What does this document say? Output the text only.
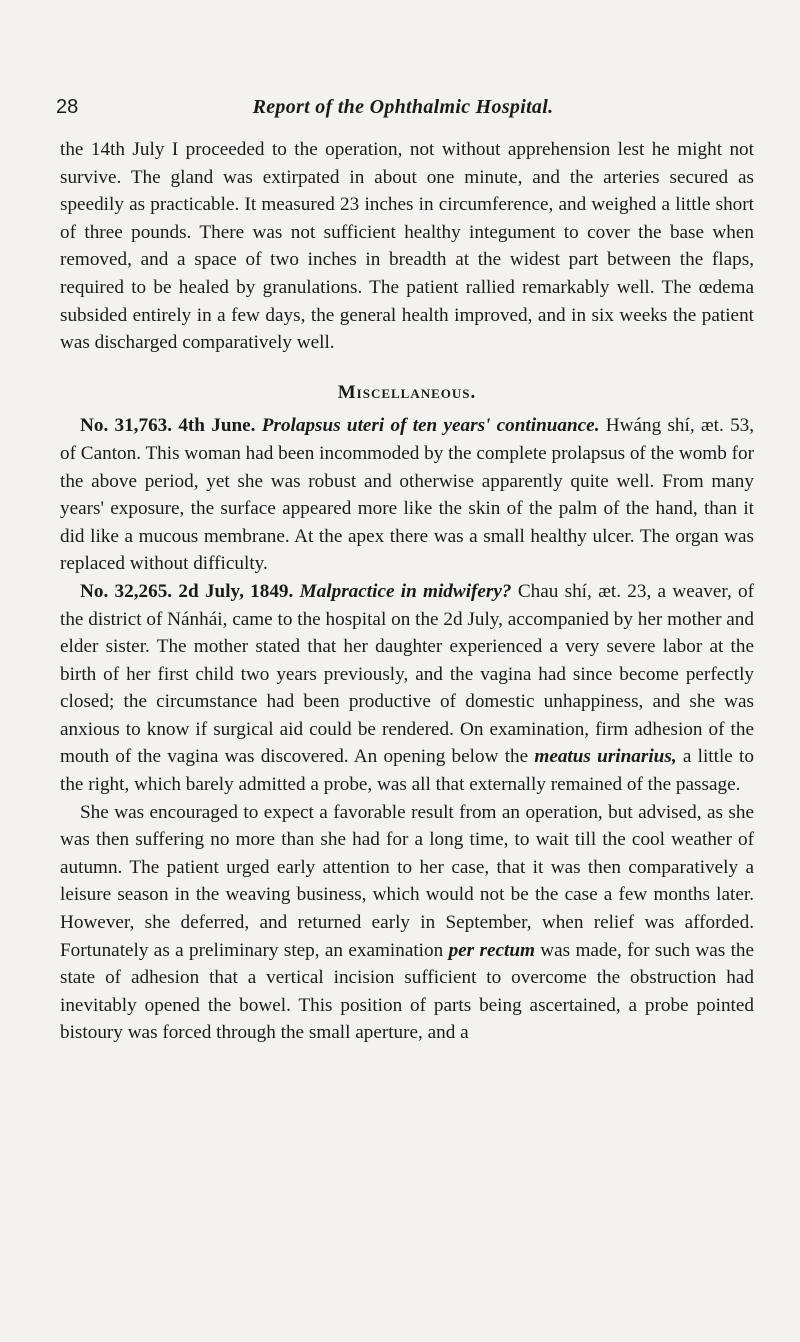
28	Report of the Ophthalmic Hospital.

the 14th July I proceeded to the operation, not without apprehension lest he might not survive. The gland was extirpated in about one minute, and the arteries secured as speedily as practicable. It measured 23 inches in circumference, and weighed a little short of three pounds. There was not sufficient healthy integument to cover the base when removed, and a space of two inches in breadth at the widest part between the flaps, required to be healed by granulations. The patient rallied remarkably well. The œdema subsided entirely in a few days, the general health improved, and in six weeks the patient was discharged comparatively well.

Miscellaneous.

No. 31,763. 4th June. Prolapsus uteri of ten years' continuance. Hwáng shí, æt. 53, of Canton. This woman had been incommoded by the complete prolapsus of the womb for the above period, yet she was robust and otherwise apparently quite well. From many years' exposure, the surface appeared more like the skin of the palm of the hand, than it did like a mucous membrane. At the apex there was a small healthy ulcer. The organ was replaced without difficulty.

No. 32,265. 2d July, 1849. Malpractice in midwifery? Chau shí, æt. 23, a weaver, of the district of Nánhái, came to the hospital on the 2d July, accompanied by her mother and elder sister. The mother stated that her daughter experienced a very severe labor at the birth of her first child two years previously, and the vagina had since become perfectly closed; the circumstance had been productive of domestic unhappiness, and she was anxious to know if surgical aid could be rendered. On examination, firm adhesion of the mouth of the vagina was discovered. An opening below the meatus urinarius, a little to the right, which barely admitted a probe, was all that externally remained of the passage.

She was encouraged to expect a favorable result from an operation, but advised, as she was then suffering no more than she had for a long time, to wait till the cool weather of autumn. The patient urged early attention to her case, that it was then comparatively a leisure season in the weaving business, which would not be the case a few months later. However, she deferred, and returned early in September, when relief was afforded. Fortunately as a preliminary step, an examination per rectum was made, for such was the state of adhesion that a vertical incision sufficient to overcome the obstruction had inevitably opened the bowel. This position of parts being ascertained, a probe pointed bistoury was forced through the small aperture, and a
